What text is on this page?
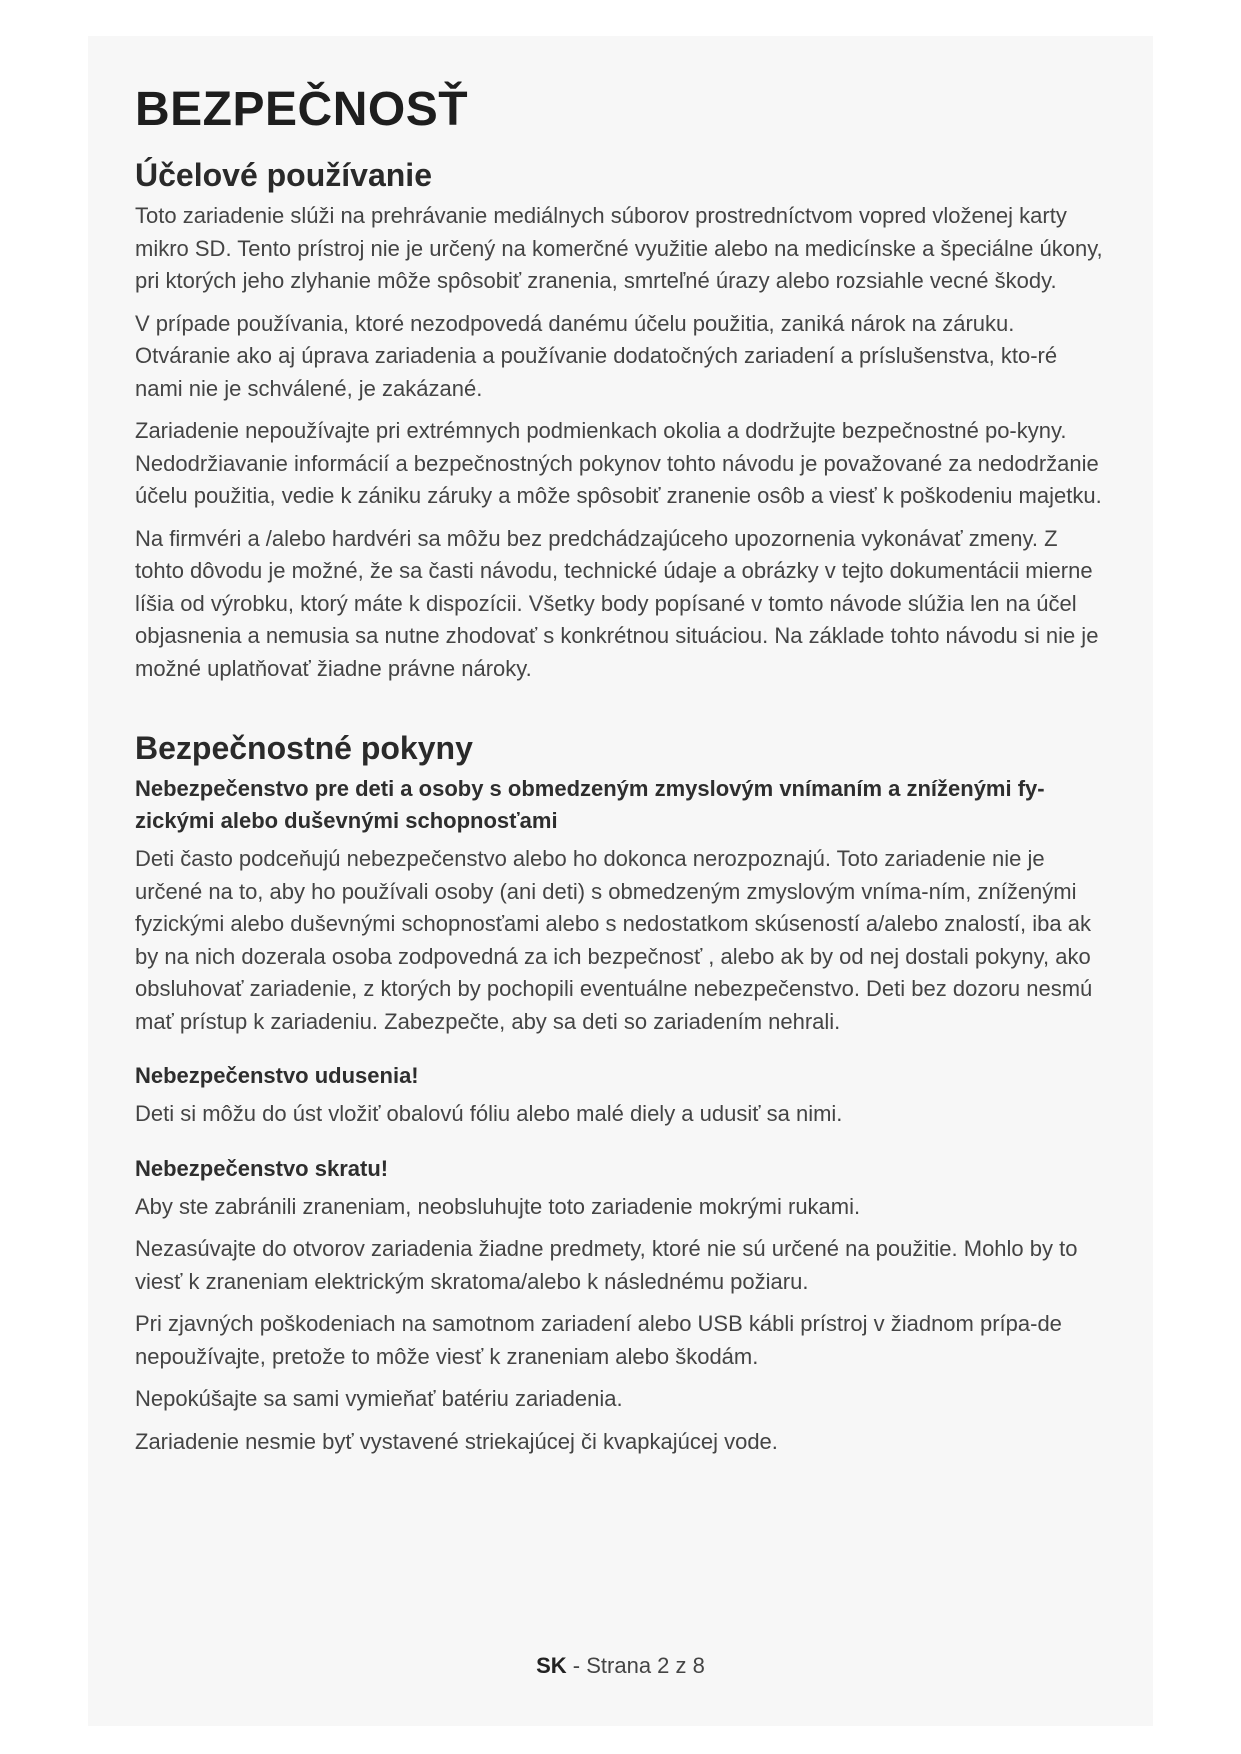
BEZPEČNOSŤ
Účelové používanie

Toto zariadenie slúži na prehrávanie mediálnych súborov prostredníctvom vopred vloženej karty mikro SD. Tento prístroj nie je určený na komerčné využitie alebo na medicínske a špeciálne úkony, pri ktorých jeho zlyhanie môže spôsobiť zranenia, smrteľné úrazy alebo rozsiahle vecné škody.

V prípade používania, ktoré nezodpovedá danému účelu použitia, zaniká nárok na záruku. Otváranie ako aj úprava zariadenia a používanie dodatočných zariadení a príslušenstva, kto-ré nami nie je schválené, je zakázané.

Zariadenie nepoužívajte pri extrémnych podmienkach okolia a dodržujte bezpečnostné po-kyny. Nedodržiavanie informácií a bezpečnostných pokynov tohto návodu je považované za nedodržanie účelu použitia, vedie k zániku záruky a môže spôsobiť zranenie osôb a viesť k poškodeniu majetku.

Na firmvéri a /alebo hardvéri sa môžu bez predchádzajúceho upozornenia vykonávať zmeny. Z tohto dôvodu je možné, že sa časti návodu, technické údaje a obrázky v tejto dokumentácii mierne líšia od výrobku, ktorý máte k dispozícii. Všetky body popísané v tomto návode slúžia len na účel objasnenia a nemusia sa nutne zhodovať s konkrétnou situáciou. Na základe tohto návodu si nie je možné uplatňovať žiadne právne nároky.

Bezpečnostné pokyny
Nebezpečenstvo pre deti a osoby s obmedzeným zmyslovým vnímaním a zníženými fy-zickými alebo duševnými schopnosťami

Deti často podceňujú nebezpečenstvo alebo ho dokonca nerozpoznajú. Toto zariadenie nie je určené na to, aby ho používali osoby (ani deti) s obmedzeným zmyslovým vníma-ním, zníženými fyzickými alebo duševnými schopnosťami alebo s nedostatkom skúseností a/alebo znalostí, iba ak by na nich dozerala osoba zodpovedná za ich bezpečnosť , alebo ak by od nej dostali pokyny, ako obsluhovať zariadenie, z ktorých by pochopili eventuálne nebezpečenstvo. Deti bez dozoru nesmú mať prístup k zariadeniu. Zabezpečte, aby sa deti so zariadením nehrali.

Nebezpečenstvo udusenia!

Deti si môžu do úst vložiť obalovú fóliu alebo malé diely a udusiť sa nimi.

Nebezpečenstvo skratu!

Aby ste zabránili zraneniam, neobsluhujte toto zariadenie mokrými rukami.

Nezasúvajte do otvorov zariadenia žiadne predmety, ktoré nie sú určené na použitie. Mohlo by to viesť k zraneniam elektrickým skratoma/alebo k následnému požiaru.

Pri zjavných poškodeniach na samotnom zariadení alebo USB kábli prístroj v žiadnom prípa-de nepoužívajte, pretože to môže viesť k zraneniam alebo škodám.

Nepokúšajte sa sami vymieňať batériu zariadenia.

Zariadenie nesmie byť vystavené striekajúcej či kvapkajúcej vode.

SK - Strana 2 z 8
